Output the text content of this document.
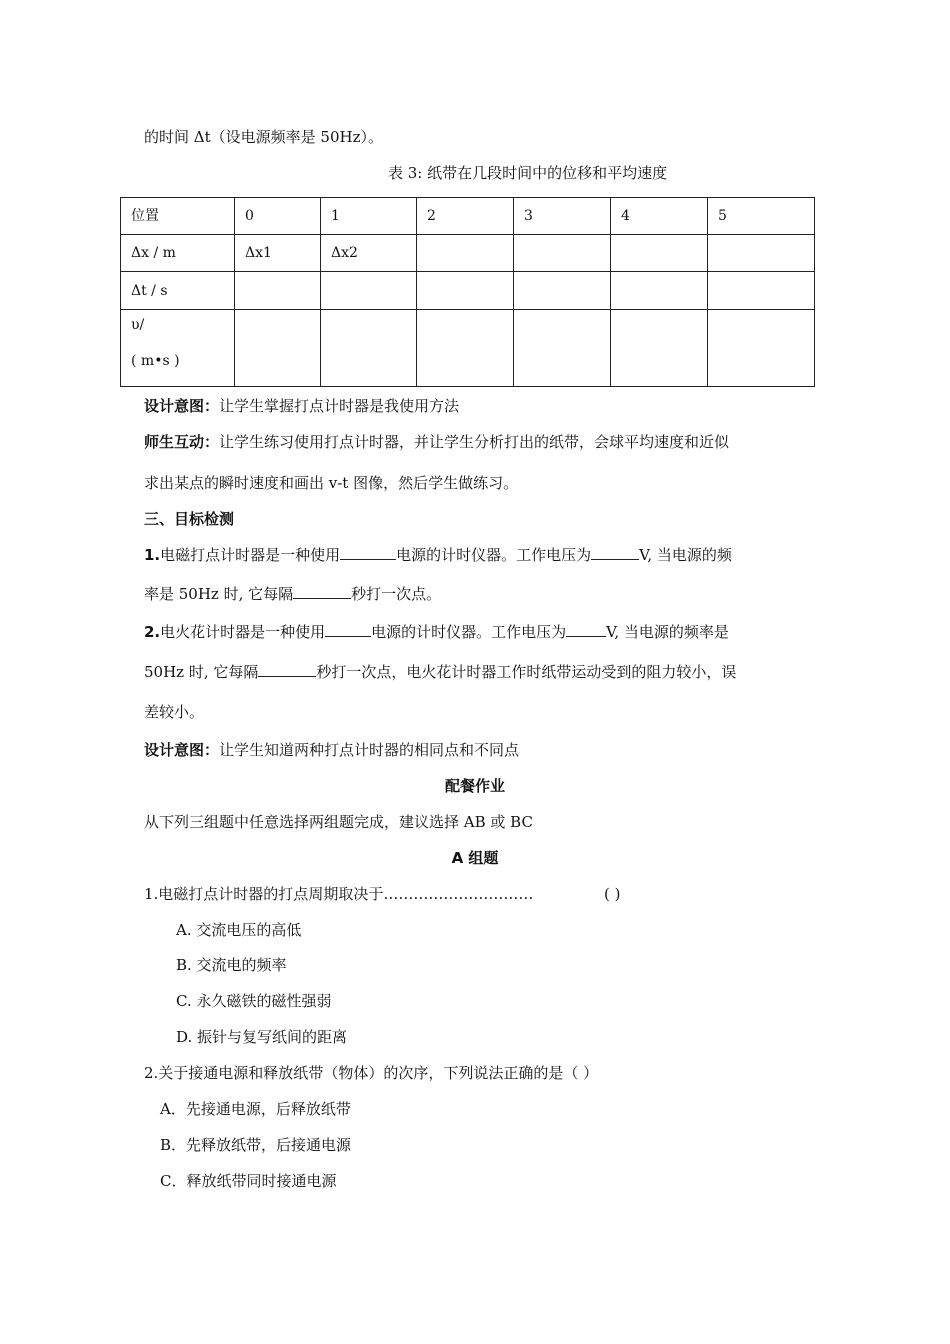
的时间 Δt（设电源频率是 50Hz）。
表 3: 纸带在几段时间中的位移和平均速度
位置	0	1	2	3	4	5
Δx / m	Δx1	Δx2				
Δt / s						

υ/
( m•s )						

设计意图：让学生掌握打点计时器是我使用方法
师生互动：让学生练习使用打点计时器，并让学生分析打出的纸带，会球平均速度和近似
求出某点的瞬时速度和画出 v-t 图像，然后学生做练习。
三、目标检测
1.电磁打点计时器是一种使用	电源的计时仪器。工作电压为	V, 当电源的频
率是 50Hz 时, 它每隔	秒打一次点。
2.电火花计时器是一种使用	电源的计时仪器。工作电压为	V, 当电源的频率是
50Hz 时, 它每隔	秒打一次点，电火花计时器工作时纸带运动受到的阻力较小，误
差较小。
设计意图：让学生知道两种打点计时器的相同点和不同点
配餐作业
从下列三组题中任意选择两组题完成，建议选择 AB 或 BC
A 组题
1.电磁打点计时器的打点周期取决于…………………………	( )
A. 交流电压的高低
B. 交流电的频率
C. 永久磁铁的磁性强弱
D. 振针与复写纸间的距离
2.关于接通电源和释放纸带（物体）的次序，下列说法正确的是（ ）
A．先接通电源，后释放纸带
B．先释放纸带，后接通电源
C．释放纸带同时接通电源
